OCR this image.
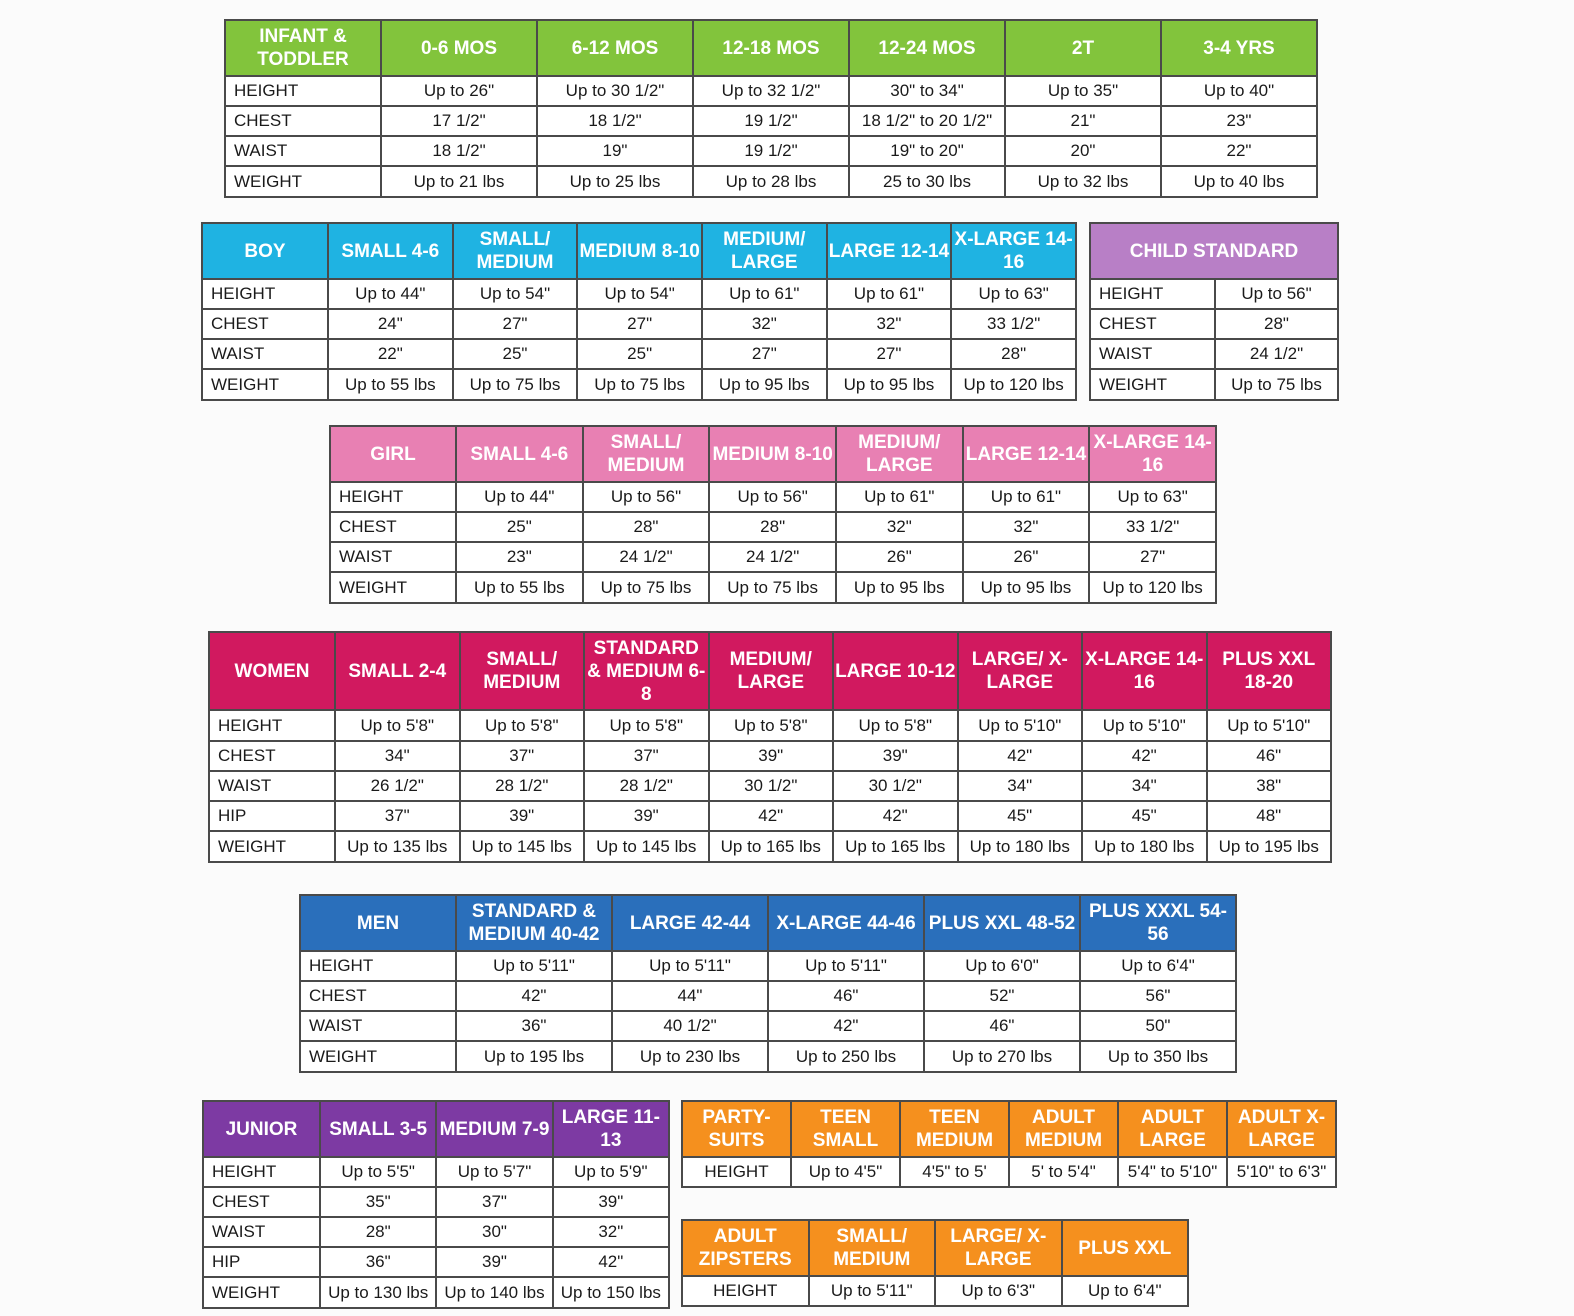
INFANT & TODDLER	0-6 MOS	6-12 MOS	12-18 MOS	12-24 MOS	2T	3-4 YRS
HEIGHT	Up to 26"	Up to 30 1/2"	Up to 32 1/2"	30" to 34"	Up to 35"	Up to 40"
CHEST	17 1/2"	18 1/2"	19 1/2"	18 1/2" to 20 1/2"	21"	23"
WAIST	18 1/2"	19"	19 1/2"	19" to 20"	20"	22"
WEIGHT	Up to 21 lbs	Up to 25 lbs	Up to 28 lbs	25 to 30 lbs	Up to 32 lbs	Up to 40 lbs
BOY	SMALL 4-6	SMALL/ MEDIUM	MEDIUM 8-10	MEDIUM/ LARGE	LARGE 12-14	X-LARGE 14-16
HEIGHT	Up to 44"	Up to 54"	Up to 54"	Up to 61"	Up to 61"	Up to 63"
CHEST	24"	27"	27"	32"	32"	33 1/2"
WAIST	22"	25"	25"	27"	27"	28"
WEIGHT	Up to 55 lbs	Up to 75 lbs	Up to 75 lbs	Up to 95 lbs	Up to 95 lbs	Up to 120 lbs
CHILD STANDARD	
HEIGHT	Up to 56"
CHEST	28"
WAIST	24 1/2"
WEIGHT	Up to 75 lbs
GIRL	SMALL 4-6	SMALL/ MEDIUM	MEDIUM 8-10	MEDIUM/ LARGE	LARGE 12-14	X-LARGE 14-16
HEIGHT	Up to 44"	Up to 56"	Up to 56"	Up to 61"	Up to 61"	Up to 63"
CHEST	25"	28"	28"	32"	32"	33 1/2"
WAIST	23"	24 1/2"	24 1/2"	26"	26"	27"
WEIGHT	Up to 55 lbs	Up to 75 lbs	Up to 75 lbs	Up to 95 lbs	Up to 95 lbs	Up to 120 lbs
WOMEN	SMALL 2-4	SMALL/ MEDIUM	STANDARD & MEDIUM 6-8	MEDIUM/ LARGE	LARGE 10-12	LARGE/ X-LARGE	X-LARGE 14-16	PLUS XXL 18-20
HEIGHT	Up to 5'8"	Up to 5'8"	Up to 5'8"	Up to 5'8"	Up to 5'8"	Up to 5'10"	Up to 5'10"	Up to 5'10"
CHEST	34"	37"	37"	39"	39"	42"	42"	46"
WAIST	26 1/2"	28 1/2"	28 1/2"	30 1/2"	30 1/2"	34"	34"	38"
HIP	37"	39"	39"	42"	42"	45"	45"	48"
WEIGHT	Up to 135 lbs	Up to 145 lbs	Up to 145 lbs	Up to 165 lbs	Up to 165 lbs	Up to 180 lbs	Up to 180 lbs	Up to 195 lbs
MEN	STANDARD & MEDIUM 40-42	LARGE 42-44	X-LARGE 44-46	PLUS XXL 48-52	PLUS XXXL 54-56
HEIGHT	Up to 5'11"	Up to 5'11"	Up to 5'11"	Up to 6'0"	Up to 6'4"
CHEST	42"	44"	46"	52"	56"
WAIST	36"	40 1/2"	42"	46"	50"
WEIGHT	Up to 195 lbs	Up to 230 lbs	Up to 250 lbs	Up to 270 lbs	Up to 350 lbs
JUNIOR	SMALL 3-5	MEDIUM 7-9	LARGE 11-13
HEIGHT	Up to 5'5"	Up to 5'7"	Up to 5'9"
CHEST	35"	37"	39"
WAIST	28"	30"	32"
HIP	36"	39"	42"
WEIGHT	Up to 130 lbs	Up to 140 lbs	Up to 150 lbs
PARTY-SUITS	TEEN SMALL	TEEN MEDIUM	ADULT MEDIUM	ADULT LARGE	ADULT X-LARGE
HEIGHT	Up to 4'5"	4'5" to 5'	5' to 5'4"	5'4" to 5'10"	5'10" to 6'3"
ADULT ZIPSTERS	SMALL/ MEDIUM	LARGE/ X-LARGE	PLUS XXL
HEIGHT	Up to 5'11"	Up to 6'3"	Up to 6'4"
